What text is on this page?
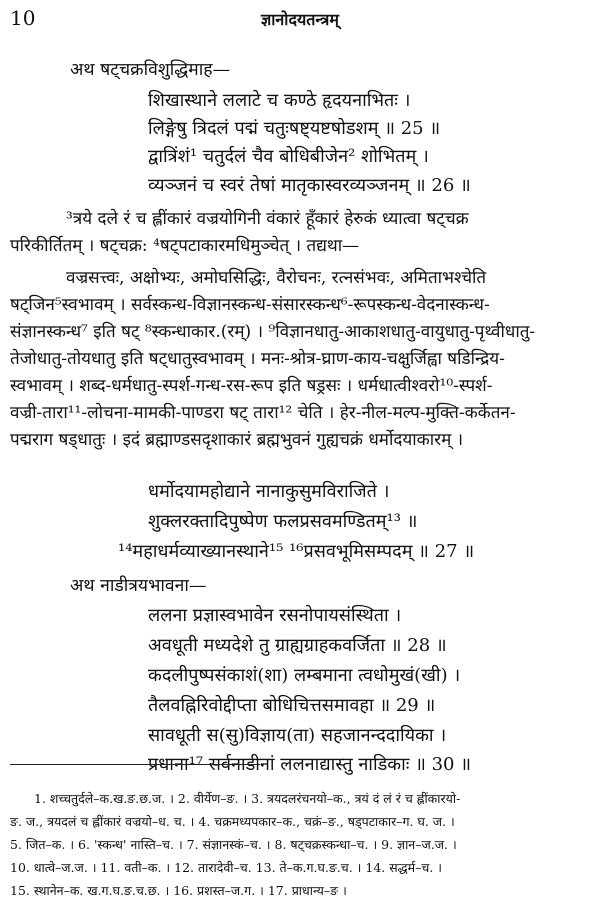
10	ज्ञानोदयतन्त्रम्
अथ षट्चक्रविशुद्धिमाह—
शिखास्थाने ललाटे च कण्ठे हृदयनाभितः ।
लिङ्गेषु त्रिदलं पद्मं चतुःषष्ट्यष्टषोडशम् ॥ 25 ॥
द्वात्रिंशं¹ चतुर्दलं चैव बोधिबीजेन² शोभितम् ।
व्यञ्जनं च स्वरं तेषां मातृकास्वरव्यञ्जनम् ॥ 26 ॥
³त्रये दले रं च ह्लींकारं वज्रयोगिनी वंकारं हूँकारं हेरुकं ध्यात्वा षट्चक्र
परिकीर्तितम् । षट्चक्र: ⁴षट्पटाकारमधिमुञ्चेत् । तद्यथा—
वज्रसत्त्वः, अक्षोभ्यः, अमोघसिद्धिः, वैरोचनः, रत्नसंभवः, अमिताभश्चेति
षट्जिन⁵स्वभावम् । सर्वस्कन्ध-विज्ञानस्कन्ध-संसारस्कन्ध⁶-रूपस्कन्ध-वेदनास्कन्ध-
संज्ञानस्कन्ध⁷ इति षट् ⁸स्कन्धाकार.(रम्) । ⁹विज्ञानधातु-आकाशधातु-वायुधातु-पृथ्वीधातु-
तेजोधातु-तोयधातु इति षट्धातुस्वभावम् । मनः-श्रोत्र-घ्राण-काय-चक्षुर्जिह्वा षडिन्द्रिय-
स्वभावम् । शब्द-धर्मधातु-स्पर्श-गन्ध-रस-रूप इति षड्रसः । धर्मधात्वीश्वरो¹⁰-स्पर्श-
वज्री-तारा¹¹-लोचना-मामकी-पाण्डरा षट् तारा¹² चेति । हेर-नील-मल्प-मुक्ति-कर्केतन-
पद्मराग षड्धातुः । इदं ब्रह्माण्डसदृशाकारं ब्रह्मभुवनं गुह्यचक्रं धर्मोदयाकारम् ।
धर्मोदयामहोद्याने नानाकुसुमविराजिते ।
शुक्लरक्तादिपुष्पेण फलप्रसवमण्डितम्¹³ ॥
¹⁴महाधर्मव्याख्यानस्थाने¹⁵ ¹⁶प्रसवभूमिसम्पदम् ॥ 27 ॥
अथ नाडीत्रयभावना—
ललना प्रज्ञास्वभावेन रसनोपायसंस्थिता ।
अवधूती मध्यदेशे तु ग्राह्यग्राहकवर्जिता ॥ 28 ॥
कदलीपुष्पसंकाशं(शा) लम्बमाना त्वधोमुखं(खी) ।
तैलवह्निरिवोद्दीप्ता बोधिचित्तसमावहा ॥ 29 ॥
सावधूती स(सु)विज्ञाय(ता) सहजानन्ददायिका ।
प्रधाना¹⁷ सर्वनाडीनां ललनाद्यास्तु नाडिकाः ॥ 30 ॥
1. शच्चतुर्दले–क.ख.ङ.छ.ज. । 2. वीर्येण–ङ. । 3. त्रयदलरंचनयो–क., त्रयं दं लं रं च ह्लींकारयो-
ङ. ज., त्रयदलं च ह्लींकारं वज्रयो–ध. च. । 4. चक्रमध्यपकार–क., चक्रं–ङ., षड्पटाकार–ग. घ. ज. ।
5. जित–क. । 6. 'स्कन्ध' नास्ति–च. । 7. संज्ञानस्कं–च. । 8. षट्चक्रस्कन्धा–च. । 9. ज्ञान–ज.ज. ।
10. धात्वे–ज.ज. । 11. वती–क. । 12. तारादेवी–च. 13. ते–क.ग.घ.ङ.च. । 14. सद्धर्म–च. ।
15. स्थानेन–क. ख.ग.घ.ङ.च.छ. । 16. प्रशस्त–ज.ग. । 17. प्राधान्य–ङ ।
